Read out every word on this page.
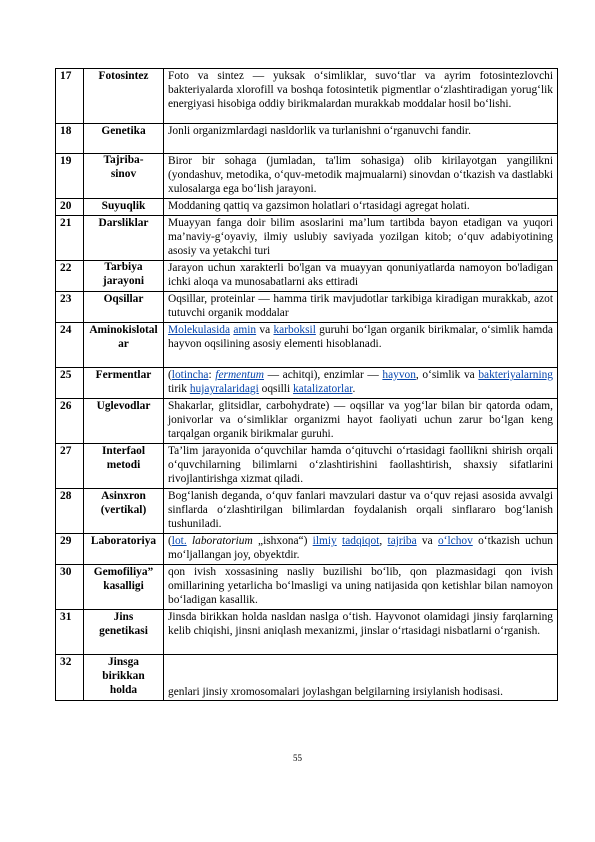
17	Fotosintez	Foto va sintez — yuksak o‘simliklar, suvo‘tlar va ayrim fotosintezlovchi bakteriyalarda xlorofill va boshqa fotosintetik pigmentlar o‘zlashtiradigan yorug‘lik energiyasi hisobiga oddiy birikmalardan murakkab moddalar hosil bo‘lishi.
18	Genetika	Jonli organizmlardagi nasldorlik va turlanishni o‘rganuvchi fandir.
19	Tajriba-sinov	Biror bir sohaga (jumladan, ta'lim sohasiga) olib kirilayotgan yangilikni (yondashuv, metodika, o‘quv-metodik majmualarni) sinovdan o‘tkazish va dastlabki xulosalarga ega bo‘lish jarayoni.
20	Suyuqlik	Moddaning qattiq va gazsimon holatlari o‘rtasidagi agregat holati.
21	Darsliklar	Muayyan fanga doir bilim asoslarini ma’lum tartibda bayon etadigan va yuqori ma’naviy-g‘oyaviy, ilmiy uslubiy saviyada yozilgan kitob; o‘quv adabiyotining asosiy va yetakchi turi
22	Tarbiya jarayoni	Jarayon uchun xarakterli bo'lgan va muayyan qonuniyatlarda namoyon bo'ladigan ichki aloqa va munosabatlarni aks ettiradi
23	Oqsillar	Oqsillar, proteinlar — hamma tirik mavjudotlar tarkibiga kiradigan murakkab, azot tutuvchi organik moddalar
24	Aminokislotalar	Molekulasida amin va karboksil guruhi bo‘lgan organik birikmalar, o‘simlik hamda hayvon oqsilining asosiy elementi hisoblanadi.
25	Fermentlar	(lotincha: fermentum — achitqi), enzimlar — hayvon, o‘simlik va bakteriyalarning tirik hujayralaridagi oqsilli katalizatorlar.
26	Uglevodlar	Shakarlar, glitsidlar, carbohydrate) — oqsillar va yog‘lar bilan bir qatorda odam, jonivorlar va o‘simliklar organizmi hayot faoliyati uchun zarur bo‘lgan keng tarqalgan organik birikmalar guruhi.
27	Interfaol metodi	Ta’lim jarayonida o‘quvchilar hamda o‘qituvchi o‘rtasidagi faollikni shirish orqali o‘quvchilarning bilimlarni o‘zlashtirishini faollashtirish, shaxsiy sifatlarini rivojlantirishga xizmat qiladi.
28	Asinxron (vertikal)	Bog‘lanish deganda, o‘quv fanlari mavzulari dastur va o‘quv rejasi asosida avvalgi sinflarda o‘zlashtirilgan bilimlardan foydalanish orqali sinflararo bog‘lanish tushuniladi.
29	Laboratoriya	(lot. laboratorium „ishxona“) ilmiy tadqiqot, tajriba va o‘lchov o‘tkazish uchun mo‘ljallangan joy, obyektdir.
30	Gemofiliya” kasalligi	qon ivish xossasining nasliy buzilishi bo‘lib, qon plazmasidagi qon ivish omillarining yetarlicha bo‘lmasligi va uning natijasida qon ketishlar bilan namoyon bo‘ladigan kasallik.
31	Jins genetikasi	Jinsda birikkan holda nasldan naslga o‘tish. Hayvonot olamidagi jinsiy farqlarning kelib chiqishi, jinsni aniqlash mexanizmi, jinslar o‘rtasidagi nisbatlarni o‘rganish.
32	Jinsga birikkan holda	genlari jinsiy xromosomalari joylashgan belgilarning irsiylanish hodisasi.
55
